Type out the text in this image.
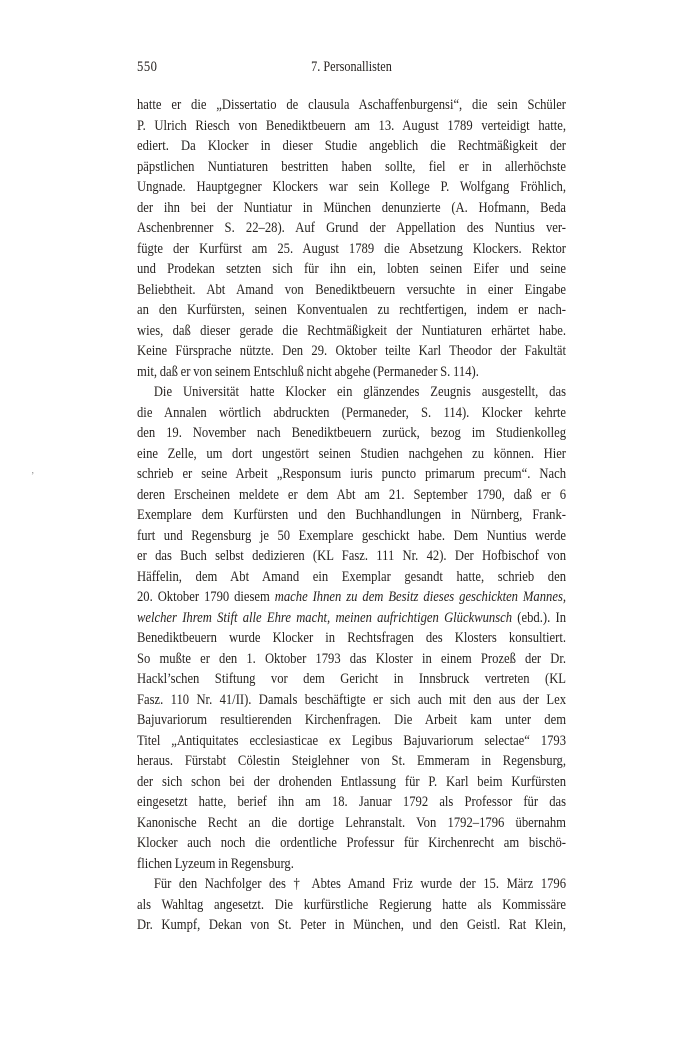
’
550	7. Personallisten
hatte er die „Dissertatio de clausula Aschaffenburgensi“, die sein Schüler
P. Ulrich Riesch von Benediktbeuern am 13. August 1789 verteidigt hatte,
ediert. Da Klocker in dieser Studie angeblich die Rechtmäßigkeit der
päpstlichen Nuntiaturen bestritten haben sollte, fiel er in allerhöchste
Ungnade. Hauptgegner Klockers war sein Kollege P. Wolfgang Fröhlich,
der ihn bei der Nuntiatur in München denunzierte (A. Hofmann, Beda
Aschenbrenner S. 22–28). Auf Grund der Appellation des Nuntius ver-
fügte der Kurfürst am 25. August 1789 die Absetzung Klockers. Rektor
und Prodekan setzten sich für ihn ein, lobten seinen Eifer und seine
Beliebtheit. Abt Amand von Benediktbeuern versuchte in einer Eingabe
an den Kurfürsten, seinen Konventualen zu rechtfertigen, indem er nach-
wies, daß dieser gerade die Rechtmäßigkeit der Nuntiaturen erhärtet habe.
Keine Fürsprache nützte. Den 29. Oktober teilte Karl Theodor der Fakultät
mit, daß er von seinem Entschluß nicht abgehe (Permaneder S. 114).
Die Universität hatte Klocker ein glänzendes Zeugnis ausgestellt, das
die Annalen wörtlich abdruckten (Permaneder, S. 114). Klocker kehrte
den 19. November nach Benediktbeuern zurück, bezog im Studienkolleg
eine Zelle, um dort ungestört seinen Studien nachgehen zu können. Hier
schrieb er seine Arbeit „Responsum iuris puncto primarum precum“. Nach
deren Erscheinen meldete er dem Abt am 21. September 1790, daß er 6
Exemplare dem Kurfürsten und den Buchhandlungen in Nürnberg, Frank-
furt und Regensburg je 50 Exemplare geschickt habe. Dem Nuntius werde
er das Buch selbst dedizieren (KL Fasz. 111 Nr. 42). Der Hofbischof von
Häffelin, dem Abt Amand ein Exemplar gesandt hatte, schrieb den
20. Oktober 1790 diesem mache Ihnen zu dem Besitz dieses geschickten Mannes,
welcher Ihrem Stift alle Ehre macht, meinen aufrichtigen Glückwunsch (ebd.). In
Benediktbeuern wurde Klocker in Rechtsfragen des Klosters konsultiert.
So mußte er den 1. Oktober 1793 das Kloster in einem Prozeß der Dr.
Hackl’schen Stiftung vor dem Gericht in Innsbruck vertreten (KL
Fasz. 110 Nr. 41/II). Damals beschäftigte er sich auch mit den aus der Lex
Bajuvariorum resultierenden Kirchenfragen. Die Arbeit kam unter dem
Titel „Antiquitates ecclesiasticae ex Legibus Bajuvariorum selectae“ 1793
heraus. Fürstabt Cölestin Steiglehner von St. Emmeram in Regensburg,
der sich schon bei der drohenden Entlassung für P. Karl beim Kurfürsten
eingesetzt hatte, berief ihn am 18. Januar 1792 als Professor für das
Kanonische Recht an die dortige Lehranstalt. Von 1792–1796 übernahm
Klocker auch noch die ordentliche Professur für Kirchenrecht am bischö-
flichen Lyzeum in Regensburg.
Für den Nachfolger des † Abtes Amand Friz wurde der 15. März 1796
als Wahltag angesetzt. Die kurfürstliche Regierung hatte als Kommissäre
Dr. Kumpf, Dekan von St. Peter in München, und den Geistl. Rat Klein,
